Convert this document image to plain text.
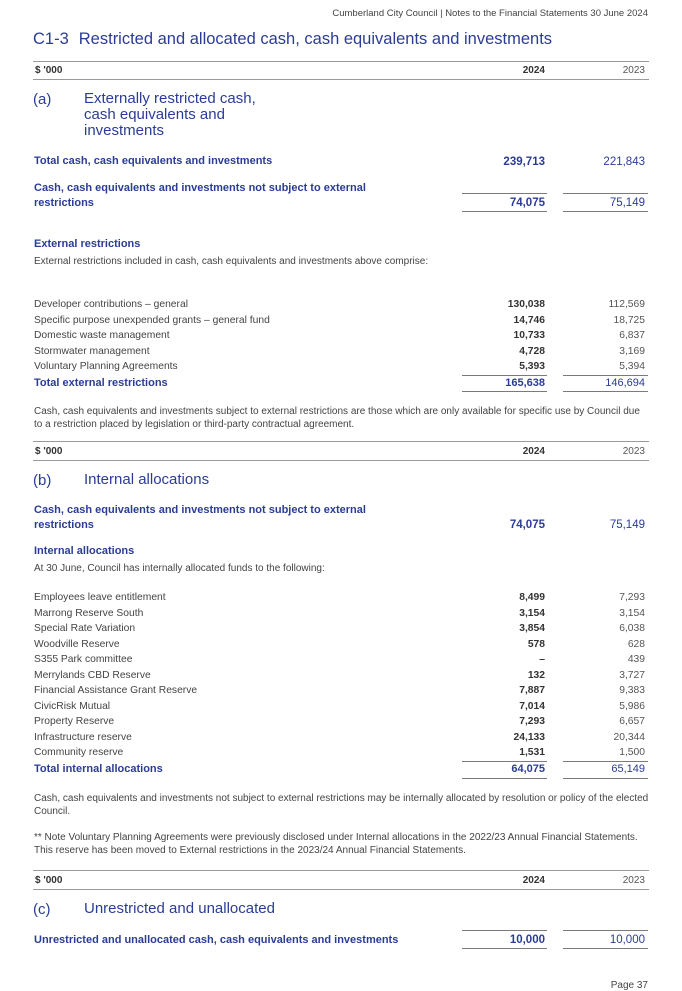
Cumberland City Council | Notes to the Financial Statements 30 June 2024
C1-3 Restricted and allocated cash, cash equivalents and investments
$ '000	2024	2023
(a) Externally restricted cash,
cash equivalents and
investments
Total cash, cash equivalents and investments	239,713	221,843
Cash, cash equivalents and investments not subject to external
restrictions	74,075	75,149
External restrictions
External restrictions included in cash, cash equivalents and investments above comprise:
Developer contributions – general	130,038	112,569
Specific purpose unexpended grants – general fund	14,746	18,725
Domestic waste management	10,733	6,837
Stormwater management	4,728	3,169
Voluntary Planning Agreements	5,393	5,394
Total external restrictions	165,638	146,694
Cash, cash equivalents and investments subject to external restrictions are those which are only available for specific use by Council due to a restriction placed by legislation or third-party contractual agreement.
$ '000	2024	2023
(b) Internal allocations
Cash, cash equivalents and investments not subject to external
restrictions	74,075	75,149
Internal allocations
At 30 June, Council has internally allocated funds to the following:
Employees leave entitlement	8,499	7,293
Marrong Reserve South	3,154	3,154
Special Rate Variation	3,854	6,038
Woodville Reserve	578	628
S355 Park committee	–	439
Merrylands CBD Reserve	132	3,727
Financial Assistance Grant Reserve	7,887	9,383
CivicRisk Mutual	7,014	5,986
Property Reserve	7,293	6,657
Infrastructure reserve	24,133	20,344
Community reserve	1,531	1,500
Total internal allocations	64,075	65,149
Cash, cash equivalents and investments not subject to external restrictions may be internally allocated by resolution or policy of the elected Council.
** Note Voluntary Planning Agreements were previously disclosed under Internal allocations in the 2022/23 Annual Financial Statements. This reserve has been moved to External restrictions in the 2023/24 Annual Financial Statements.
$ '000	2024	2023
(c) Unrestricted and unallocated
Unrestricted and unallocated cash, cash equivalents and investments	10,000	10,000
Page 37
